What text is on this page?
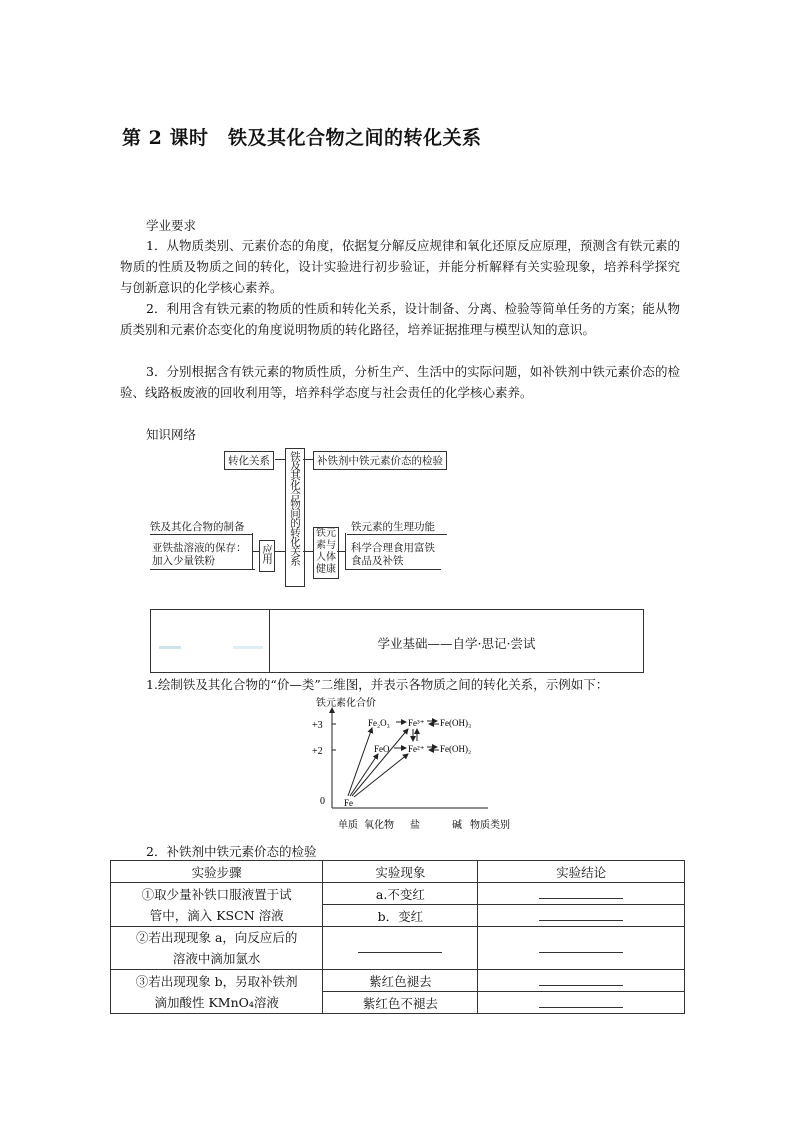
第 2 课时　铁及其化合物之间的转化关系
学业要求
1．从物质类别、元素价态的角度，依据复分解反应规律和氧化还原反应原理，预测含有铁元素的物质的性质及物质之间的转化，设计实验进行初步验证，并能分析解释有关实验现象，培养科学探究与创新意识的化学核心素养。
2．利用含有铁元素的物质的性质和转化关系，设计制备、分离、检验等简单任务的方案；能从物质类别和元素价态变化的角度说明物质的转化路径，培养证据推理与模型认知的意识。
3．分别根据含有铁元素的物质性质，分析生产、生活中的实际问题，如补铁剂中铁元素价态的检验、线路板废液的回收利用等，培养科学态度与社会责任的化学核心素养。
知识网络
转化关系	铁及其化合物间的转化关系	补铁剂中铁元素价态的检验
铁及其化合物的制备
亚铁盐溶液的保存：
加入少量铁粉	应用
铁元素与人体健康
铁元素的生理功能
科学合理食用富铁
食品及补铁
学业基础——自学·思记·尝试
1.绘制铁及其化合物的“价—类”二维图，并表示各物质之间的转化关系，示例如下：
铁元素化合价
+3
+2
0
单质 氧化物 盐	碱 物质类别
Fe₂O₃ Fe³⁺ Fe(OH)₃
FeO Fe²⁺ Fe(OH)₂
Fe
2．补铁剂中铁元素价态的检验
实验步骤	实验现象	实验结论

①取少量补铁口服液置于试
管中，滴入 KSCN 溶液	a.不变红	
	b．变红	

②若出现现象 a，向反应后的
溶液中滴加氯水		

③若出现现象 b，另取补铁剂
滴加酸性 KMnO₄溶液	紫红色褪去	
	紫红色不褪去	
